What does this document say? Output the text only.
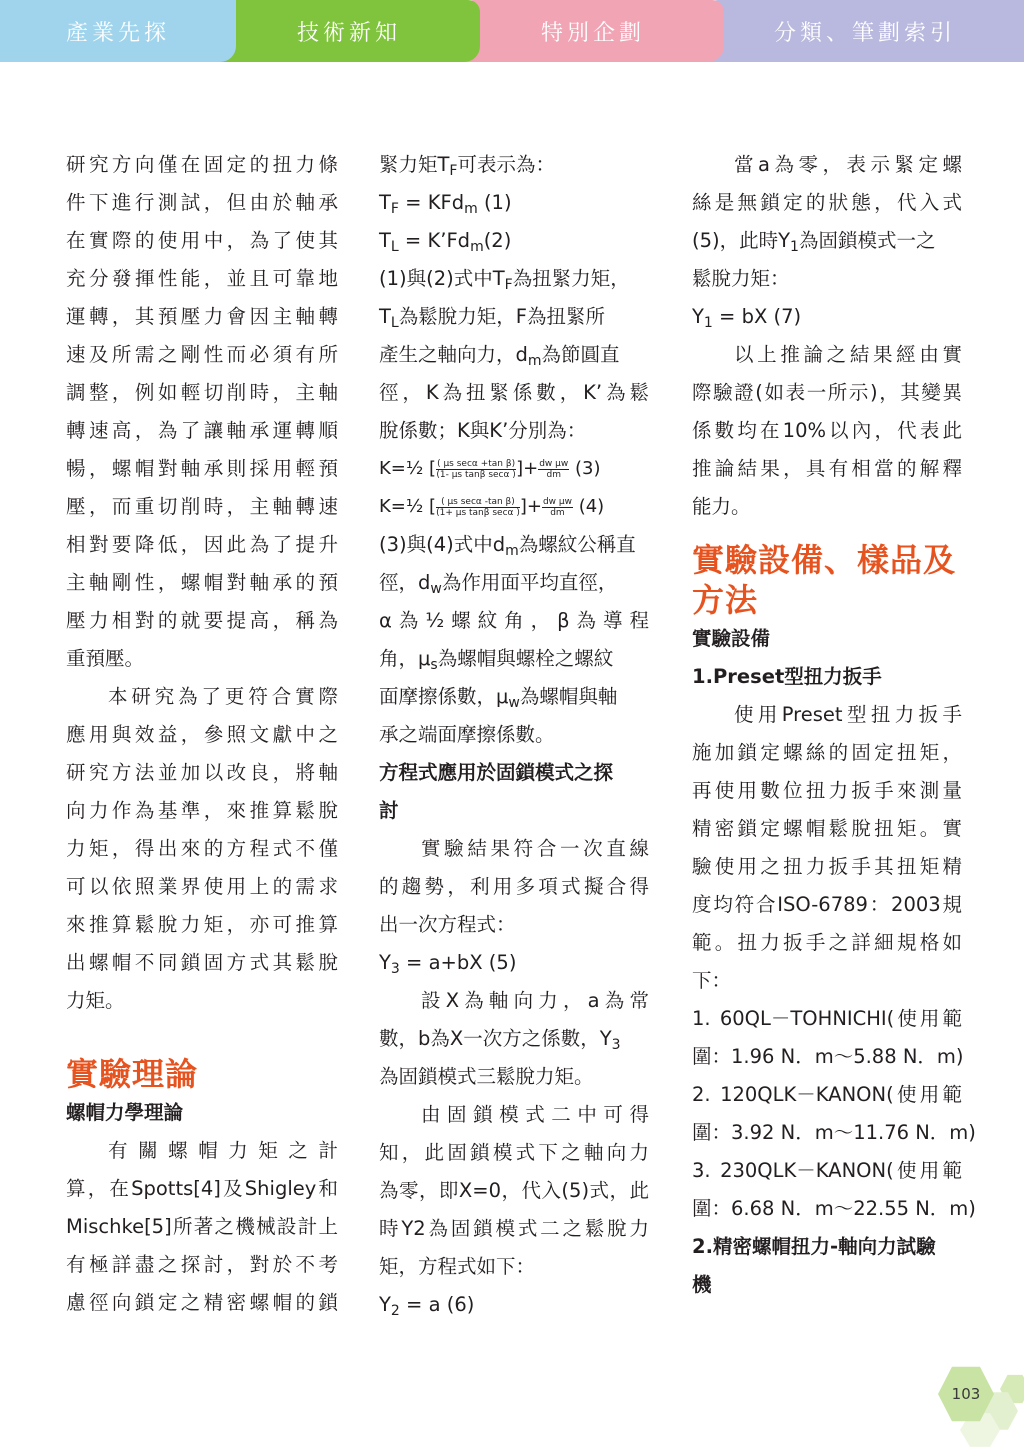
分類、筆劃索引
特別企劃
技術新知
產業先探
研究方向僅在固定的扭力條
件下進行測試，但由於軸承
在實際的使用中，為了使其
充分發揮性能，並且可靠地
運轉，其預壓力會因主軸轉
速及所需之剛性而必須有所
調整，例如輕切削時，主軸
轉速高，為了讓軸承運轉順
暢，螺帽對軸承則採用輕預
壓，而重切削時，主軸轉速
相對要降低，因此為了提升
主軸剛性，螺帽對軸承的預
壓力相對的就要提高，稱為
重預壓。
本研究為了更符合實際
應用與效益，參照文獻中之
研究方法並加以改良，將軸
向力作為基準，來推算鬆脫
力矩，得出來的方程式不僅
可以依照業界使用上的需求
來推算鬆脫力矩，亦可推算
出螺帽不同鎖固方式其鬆脫
力矩。
實驗理論
螺帽力學理論
有關螺帽力矩之計
算，在Spotts[4]及Shigley和
Mischke[5]所著之機械設計上
有極詳盡之探討，對於不考
慮徑向鎖定之精密螺帽的鎖
緊力矩$T_F$可表示為：
$T_F = KFd_m$ (1)
$T_L$ = $K’Fd_m(2)$
(1)與(2)式中$T_F$為扭緊力矩，
$T_L$為鬆脫力矩，F為扭緊所
產生之軸向力，$d_m$為節圓直
徑，K為扭緊係數，K’為鬆
脫係數；K與K’分別為：
K=½ [ $\frac{\text{( μs secα +tan β)}}{\text{(1- μs tanβ secα )}}$ ]+ $\frac{\text{dw μw}}{dm} (3)$
K=½ [ $\frac{\text{( μs secα -tan β)}}{\text{(1+ μs tanβ secα )}}$ ]+ $\frac{\text{dw μw}}{dm} (4)$
(3)與(4)式中$d_m$為螺紋公稱直
徑，$d_w$為作用面平均直徑，
α為½螺紋角，β為導程
角，$\mu_s$為螺帽與螺栓之螺紋
面摩擦係數，$\mu_w$為螺帽與軸
承之端面摩擦係數。
方程式應用於固鎖模式之探
討
實驗結果符合一次直線
的趨勢，利用多項式擬合得
出一次方程式：
$Y_3 = a+bX$ (5)
設X為軸向力，a為常
數，b為X一次方之係數，$Y_3$
為固鎖模式三鬆脫力矩。
由固鎖模式二中可得
知，此固鎖模式下之軸向力
為零，即X=0，代入(5)式，此
時Y2為固鎖模式二之鬆脫力
矩，方程式如下：
$Y_2 = a$ (6)
當a為零，表示緊定螺
絲是無鎖定的狀態，代入式
(5)，此時$Y_1$為固鎖模式一之
鬆脫力矩：
$Y_1$ = bX (7)
以上推論之結果經由實
際驗證(如表一所示)，其變異
係數均在10%以內，代表此
推論結果，具有相當的解釋
能力。
實驗設備、樣品及
方法
實驗設備
1.Preset型扭力扳手
使用Preset型扭力扳手
施加鎖定螺絲的固定扭矩，
再使用數位扭力扳手來測量
精密鎖定螺帽鬆脫扭矩。實
驗使用之扭力扳手其扭矩精
度均符合ISO-6789：2003規
範。扭力扳手之詳細規格如
下：
1. 60QL－TOHNICHI(使用範
圍：1.96 N．m～5.88 N．m)
2. 120QLK－KANON(使用範
圍：3.92 N．m～11.76 N．m)
3. 230QLK－KANON(使用範
圍：6.68 N．m～22.55 N．m)
2.精密螺帽扭力-軸向力試驗
機
103
